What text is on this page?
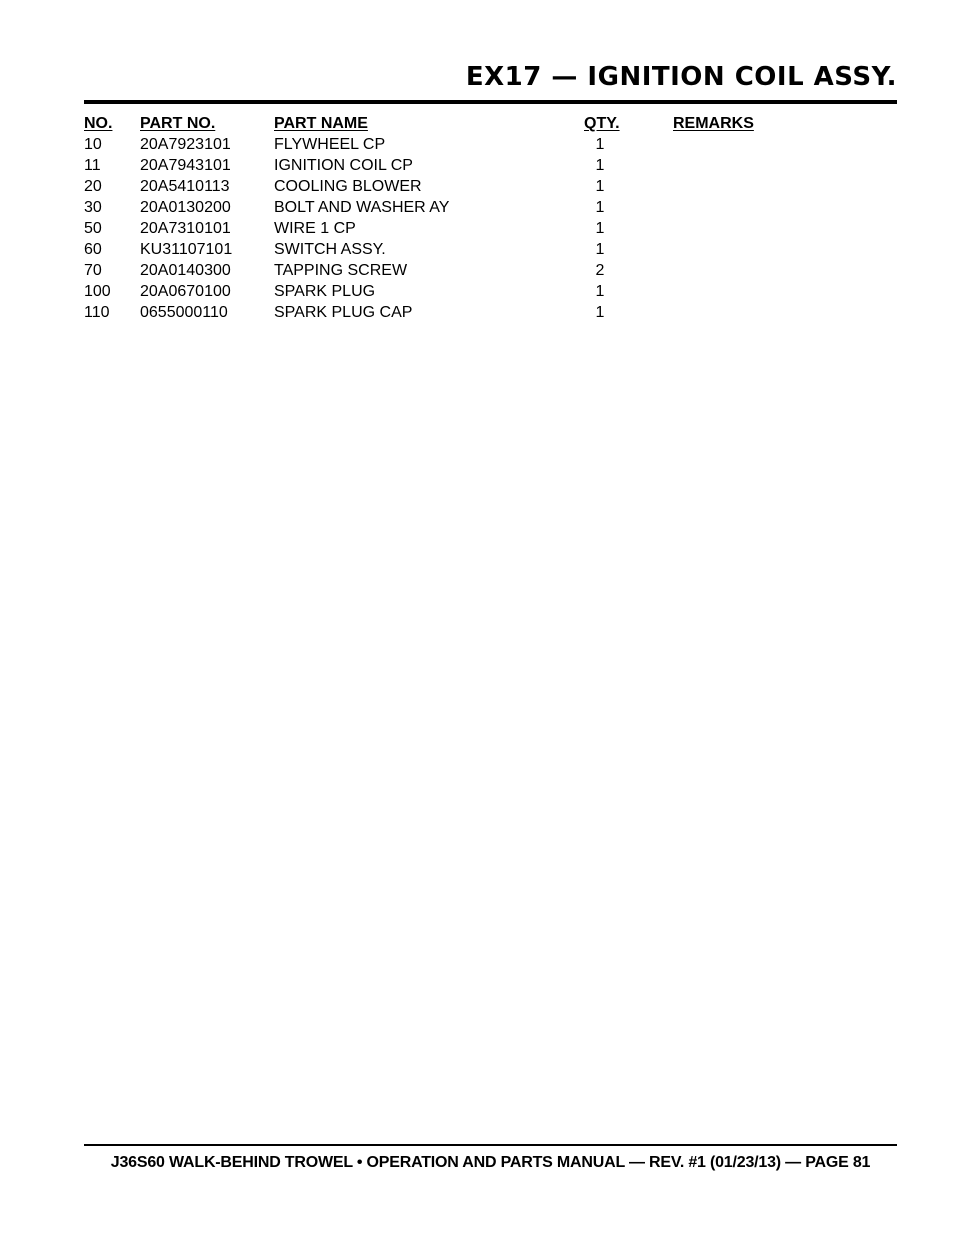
EX17 — IGNITION COIL ASSY.
NO. PART NO.	PART NAME	QTY.	REMARKS
10 20A7923101	FLYWHEEL CP	1
11 20A7943101	IGNITION COIL CP	1
20 20A5410113	COOLING BLOWER	1
30 20A0130200	BOLT AND WASHER AY	1
50 20A7310101	WIRE 1 CP	1
60 KU31107101	SWITCH ASSY.	1
70 20A0140300	TAPPING SCREW	2
100 20A0670100	SPARK PLUG	1
110 0655000110	SPARK PLUG CAP	1
J36S60 WALK-BEHIND TROWEL • OPERATION AND PARTS MANUAL — REV. #1 (01/23/13) — PAGE 81
